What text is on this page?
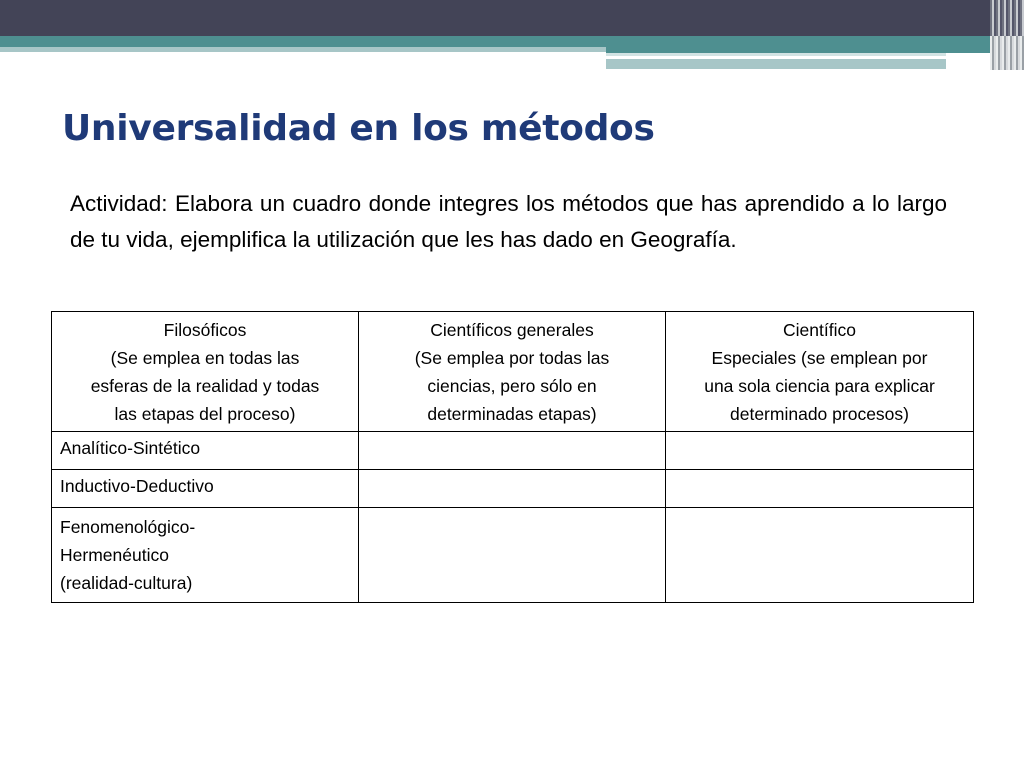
Universalidad en los métodos

Actividad: Elabora un cuadro donde integres los métodos que has aprendido a lo largo de tu vida, ejemplifica la utilización que les has dado en Geografía.

Filosóficos
(Se emplea en todas las
esferas de la realidad y todas
las etapas del proceso)	Científicos generales
(Se emplea por todas las
ciencias, pero sólo en
determinadas etapas)	Científico
Especiales (se emplean por
una sola ciencia para explicar
determinado procesos)

Analítico-Sintético		

Inductivo-Deductivo		

Fenomenológico-
Hermenéutico
(realidad-cultura)		
